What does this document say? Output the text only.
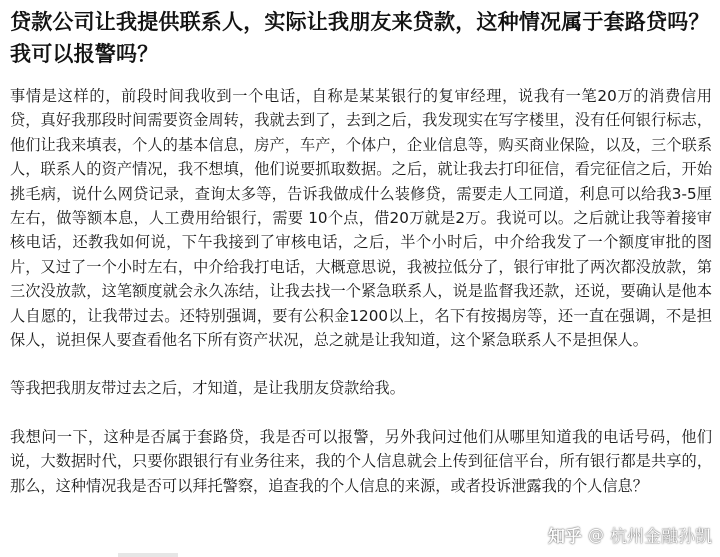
贷款公司让我提供联系人，实际让我朋友来贷款，这种情况属于套路贷吗？我可以报警吗？

事情是这样的，前段时间我收到一个电话，自称是某某银行的复审经理，说我有一笔20万的消费信用贷，真好我那段时间需要资金周转，我就去到了，去到之后，我发现实在写字楼里，没有任何银行标志，他们让我来填表，个人的基本信息，房产，车产，个体户，企业信息等，购买商业保险，以及，三个联系人，联系人的资产情况，我不想填，他们说要抓取数据。之后，就让我去打印征信，看完征信之后，开始挑毛病，说什么网贷记录，查询太多等，告诉我做成什么装修贷，需要走人工同道，利息可以给我3-5厘左右，做等额本息，人工费用给银行，需要 10个点，借20万就是2万。我说可以。之后就让我等着接审核电话，还教我如何说，下午我接到了审核电话，之后，半个小时后，中介给我发了一个额度审批的图片，又过了一个小时左右，中介给我打电话，大概意思说，我被拉低分了，银行审批了两次都没放款，第三次没放款，这笔额度就会永久冻结，让我去找一个紧急联系人，说是监督我还款，还说，要确认是他本人自愿的，让我带过去。还特别强调，要有公积金1200以上，名下有按揭房等，还一直在强调，不是担保人，说担保人要查看他名下所有资产状况，总之就是让我知道，这个紧急联系人不是担保人。

等我把我朋友带过去之后，才知道，是让我朋友贷款给我。

我想问一下，这种是否属于套路贷，我是否可以报警，另外我问过他们从哪里知道我的电话号码，他们说，大数据时代，只要你跟银行有业务往来，我的个人信息就会上传到征信平台，所有银行都是共享的，那么，这种情况我是否可以拜托警察，追查我的个人信息的来源，或者投诉泄露我的个人信息？

知乎 @ 杭州金融孙凯
